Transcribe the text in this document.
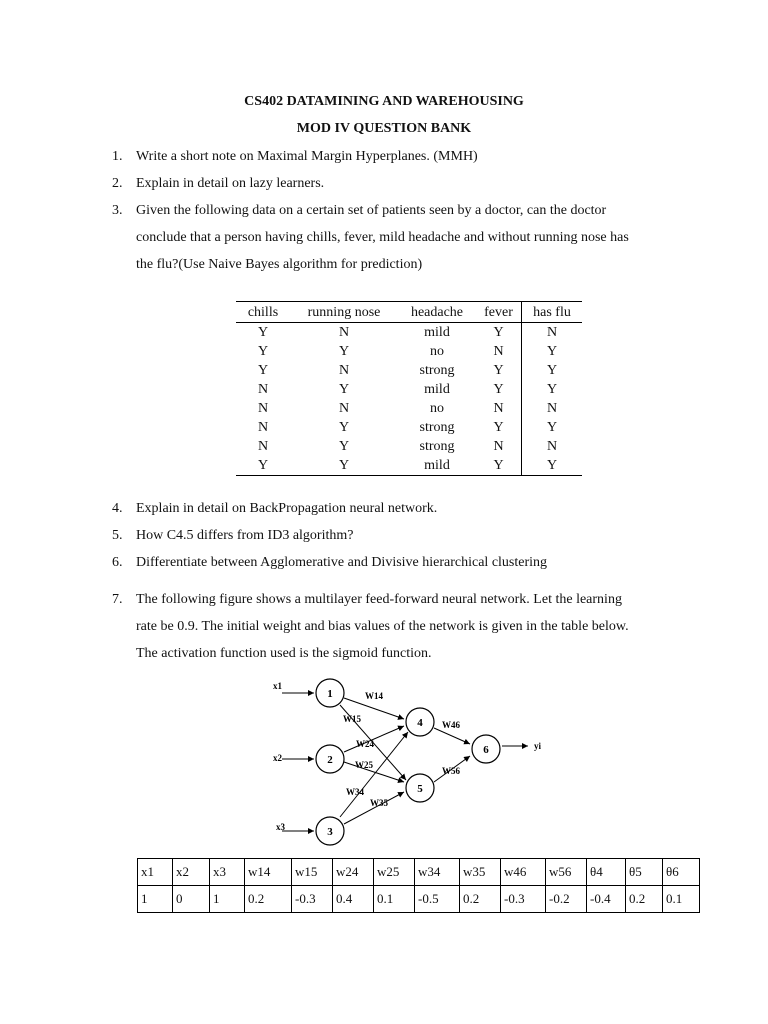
CS402 DATAMINING AND WAREHOUSING
MOD IV QUESTION BANK
1. Write a short note on Maximal Margin Hyperplanes. (MMH)
2. Explain in detail on lazy learners.
3. Given the following data on a certain set of patients seen by a doctor, can the doctor
conclude that a person having chills, fever, mild headache and without running nose has
the flu?(Use Naive Bayes algorithm for prediction)
chills	running nose	headache	fever	has flu
Y	N	mild	Y	N
Y	Y	no	N	Y
Y	N	strong	Y	Y
N	Y	mild	Y	Y
N	N	no	N	N
N	Y	strong	Y	Y
N	Y	strong	N	N
Y	Y	mild	Y	Y
4. Explain in detail on BackPropagation neural network.
5. How C4.5 differs from ID3 algorithm?
6. Differentiate between Agglomerative and Divisive hierarchical clustering
7. The following figure shows a multilayer feed-forward neural network. Let the learning
rate be 0.9. The initial weight and bias values of the network is given in the table below.
The activation function used is the sigmoid function.
1
2
3
4
5
6
x1
x2
x3
W14
W15
W24
W25
W34
W35
W46
W56
yi
x1	x2	x3	w14	w15	w24	w25	w34	w35	w46	w56	θ4	θ5	θ6
1	0	1	0.2	-0.3	0.4	0.1	-0.5	0.2	-0.3	-0.2	-0.4	0.2	0.1
